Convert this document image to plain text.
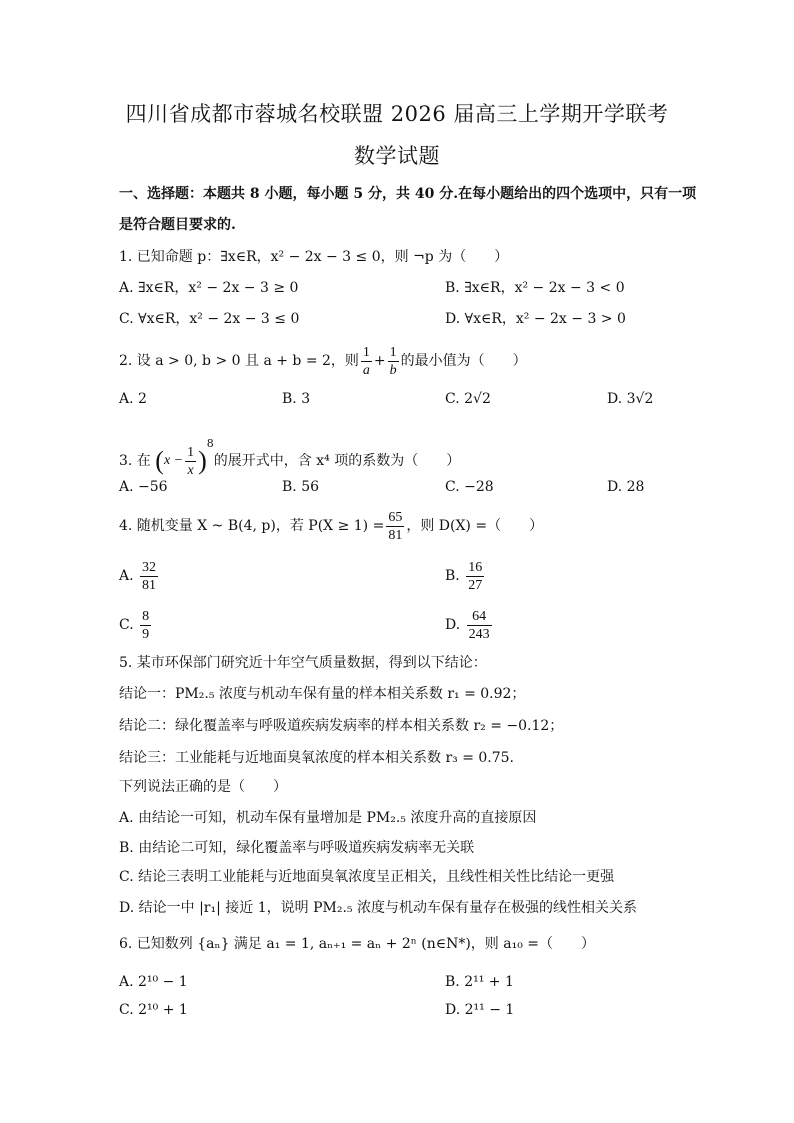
四川省成都市蓉城名校联盟 2026 届高三上学期开学联考
数学试题
一、选择题：本题共 8 小题，每小题 5 分，共 40 分.在每小题给出的四个选项中，只有一项
是符合题目要求的.
1. 已知命题 p：∃x∈R，x² − 2x − 3 ≤ 0，则 ¬p 为（　　）
A. ∃x∈R，x² − 2x − 3 ≥ 0	B. ∃x∈R，x² − 2x − 3 < 0
C. ∀x∈R，x² − 2x − 3 ≤ 0	D. ∀x∈R，x² − 2x − 3 > 0
2. 设 a > 0, b > 0 且 a + b = 2，则 $\frac{1}{a} + \frac{1}{b}$ 的最小值为（　　）
A. 2	B. 3	C. 2√2	D. 3√2
3. 在 $(x - \frac{1}{x} )^8$的展开式中，含 x⁴ 项的系数为（　　）
A. −56	B. 56	C. −28	D. 28
4. 随机变量 X ~ B(4, p)，若 $P(X \ge 1) = \frac{65}{81}$ ，则 D(X) =（　　）
A. $\frac{32}{81}$	B. $\frac{16}{27}$
C. $\frac{8}{9}$	D. $\frac{64}{243}$
5. 某市环保部门研究近十年空气质量数据，得到以下结论：
结论一：PM₂.₅ 浓度与机动车保有量的样本相关系数 r₁ = 0.92；
结论二：绿化覆盖率与呼吸道疾病发病率的样本相关系数 r₂ = −0.12；
结论三：工业能耗与近地面臭氧浓度的样本相关系数 r₃ = 0.75.
下列说法正确的是（　　）
A. 由结论一可知，机动车保有量增加是 PM₂.₅ 浓度升高的直接原因
B. 由结论二可知，绿化覆盖率与呼吸道疾病发病率无关联
C. 结论三表明工业能耗与近地面臭氧浓度呈正相关，且线性相关性比结论一更强
D. 结论一中 |r₁| 接近 1，说明 PM₂.₅ 浓度与机动车保有量存在极强的线性相关关系
6. 已知数列 {aₙ} 满足 a₁ = 1, aₙ₊₁ = aₙ + 2ⁿ (n∈N*)，则 a₁₀ =（　　）
A. 2¹⁰ − 1	B. 2¹¹ + 1
C. 2¹⁰ + 1	D. 2¹¹ − 1
